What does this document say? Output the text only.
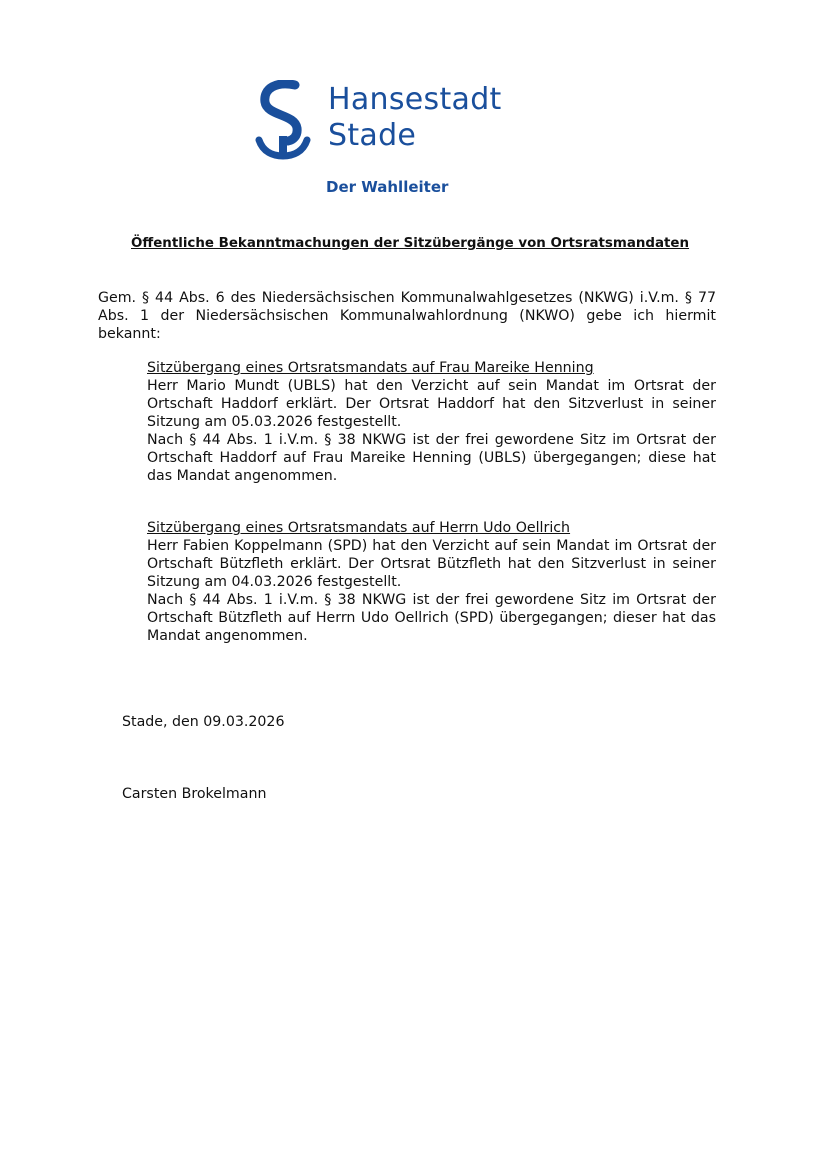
Hansestadt
Stade
Der Wahlleiter
Öffentliche Bekanntmachungen der Sitzübergänge von Ortsratsmandaten
Gem. § 44 Abs. 6 des Niedersächsischen Kommunalwahlgesetzes (NKWG) i.V.m. § 77 Abs. 1 der Niedersächsischen Kommunalwahlordnung (NKWO) gebe ich hiermit bekannt:
Sitzübergang eines Ortsratsmandats auf Frau Mareike Henning

Herr Mario Mundt (UBLS) hat den Verzicht auf sein Mandat im Ortsrat der Ortschaft Haddorf erklärt. Der Ortsrat Haddorf hat den Sitzverlust in seiner Sitzung am 05.03.2026 festgestellt.

Nach § 44 Abs. 1 i.V.m. § 38 NKWG ist der frei gewordene Sitz im Ortsrat der Ortschaft Haddorf auf Frau Mareike Henning (UBLS) übergegangen; diese hat das Mandat angenommen.

Sitzübergang eines Ortsratsmandats auf Herrn Udo Oellrich

Herr Fabien Koppelmann (SPD) hat den Verzicht auf sein Mandat im Ortsrat der Ortschaft Bützfleth erklärt. Der Ortsrat Bützfleth hat den Sitzverlust in seiner Sitzung am 04.03.2026 festgestellt.

Nach § 44 Abs. 1 i.V.m. § 38 NKWG ist der frei gewordene Sitz im Ortsrat der Ortschaft Bützfleth auf Herrn Udo Oellrich (SPD) übergegangen; dieser hat das Mandat angenommen.

Stade, den 09.03.2026
Carsten Brokelmann
